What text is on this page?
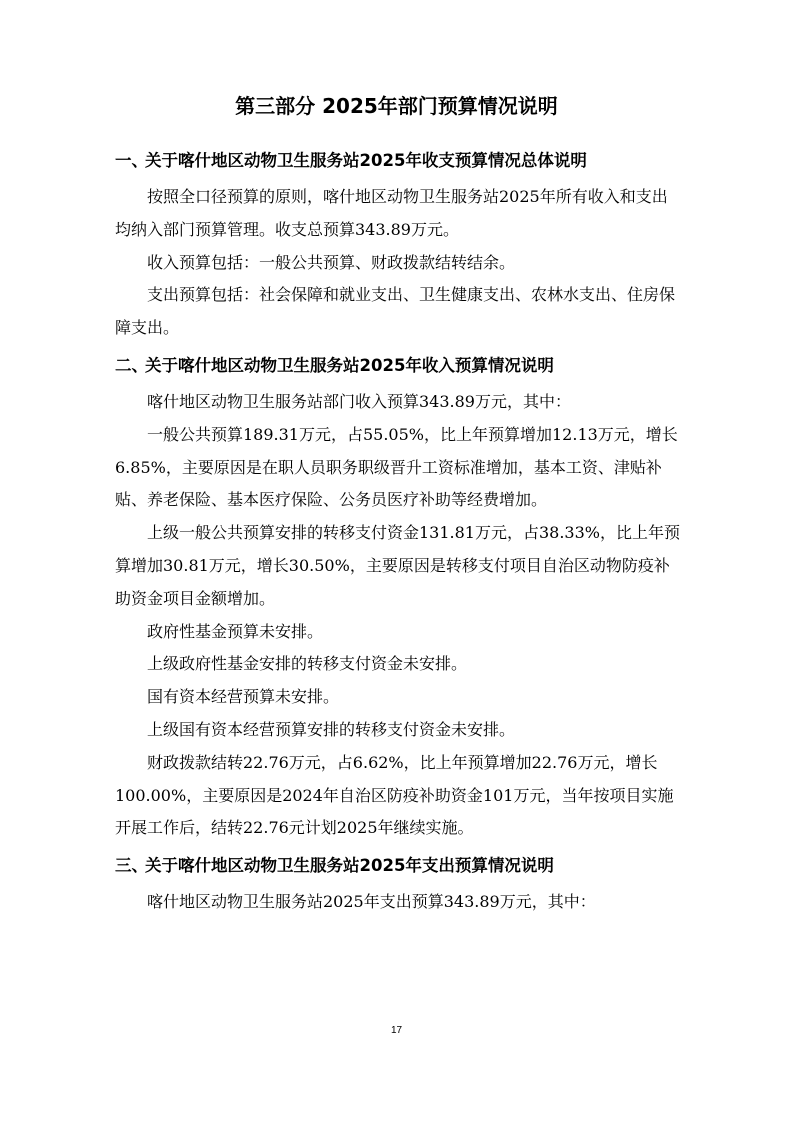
第三部分 2025年部门预算情况说明
一、关于喀什地区动物卫生服务站2025年收支预算情况总体说明

按照全口径预算的原则，喀什地区动物卫生服务站2025年所有收入和支出均纳入部门预算管理。收支总预算343.89万元。

收入预算包括：一般公共预算、财政拨款结转结余。

支出预算包括：社会保障和就业支出、卫生健康支出、农林水支出、住房保障支出。

二、关于喀什地区动物卫生服务站2025年收入预算情况说明

喀什地区动物卫生服务站部门收入预算343.89万元，其中：

一般公共预算189.31万元，占55.05%，比上年预算增加12.13万元，增长6.85%，主要原因是在职人员职务职级晋升工资标准增加，基本工资、津贴补贴、养老保险、基本医疗保险、公务员医疗补助等经费增加。

上级一般公共预算安排的转移支付资金131.81万元，占38.33%，比上年预算增加30.81万元，增长30.50%，主要原因是转移支付项目自治区动物防疫补助资金项目金额增加。

政府性基金预算未安排。

上级政府性基金安排的转移支付资金未安排。

国有资本经营预算未安排。

上级国有资本经营预算安排的转移支付资金未安排。

财政拨款结转22.76万元，占6.62%，比上年预算增加22.76万元，增长100.00%，主要原因是2024年自治区防疫补助资金101万元，当年按项目实施开展工作后，结转22.76元计划2025年继续实施。

三、关于喀什地区动物卫生服务站2025年支出预算情况说明

喀什地区动物卫生服务站2025年支出预算343.89万元，其中：

17
